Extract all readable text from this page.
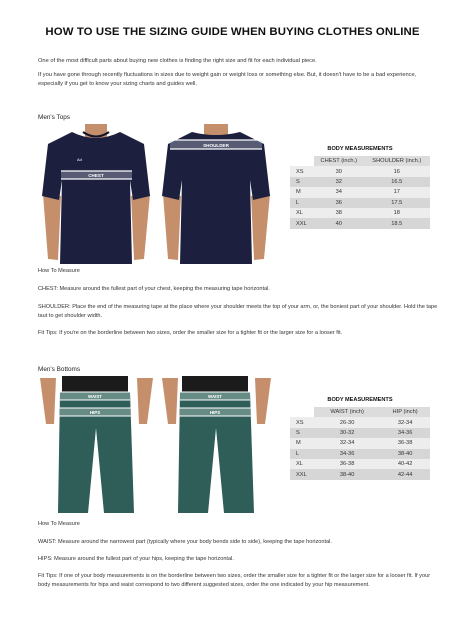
HOW TO USE THE SIZING GUIDE WHEN BUYING CLOTHES ONLINE
One of the most difficult parts about buying new clothes is finding the right size and fit for each individual piece.
If you have gone through recently fluctuations in sizes due to weight gain or weight loss or something else. But, it doesn't have to be a bad experience, especially if you get to know your sizing charts and guides well.
Men's Tops
Ad
CHEST
SHOULDER
BODY MEASUREMENTS
	CHEST (inch.)	SHOULDER (inch.)
XS	30	16
S	32	16.5
M	34	17
L	36	17.5
XL	38	18
XXL	40	18.5
How To Measure
CHEST: Measure around the fullest part of your chest, keeping the measuring tape horizontal.
SHOULDER: Place the end of the measuring tape at the place where your shoulder meets the top of your arm, or, the boniest part of your shoulder. Hold the tape taut to get shoulder width.
Fit Tips: If you're on the borderline between two sizes, order the smaller size for a tighter fit or the larger size for a looser fit.
Men's Bottoms
WAIST
HIPS
WAIST
HIPS
BODY MEASUREMENTS
	WAIST (inch)	HIP (inch)
XS	26-30	32-34
S	30-32	34-36
M	32-34	36-38
L	34-36	38-40
XL	36-38	40-42
XXL	38-40	42-44
How To Measure
WAIST: Measure around the narrowest part (typically where your body bends side to side), keeping the tape horizontal.
HIPS: Measure around the fullest part of your hips, keeping the tape horizontal.
Fit Tips: If one of your body measurements is on the borderline between two sizes, order the smaller size for a tighter fit or the larger size for a looser fit. If your body measurements for hips and waist correspond to two different suggested sizes, order the one indicated by your hip measurement.
